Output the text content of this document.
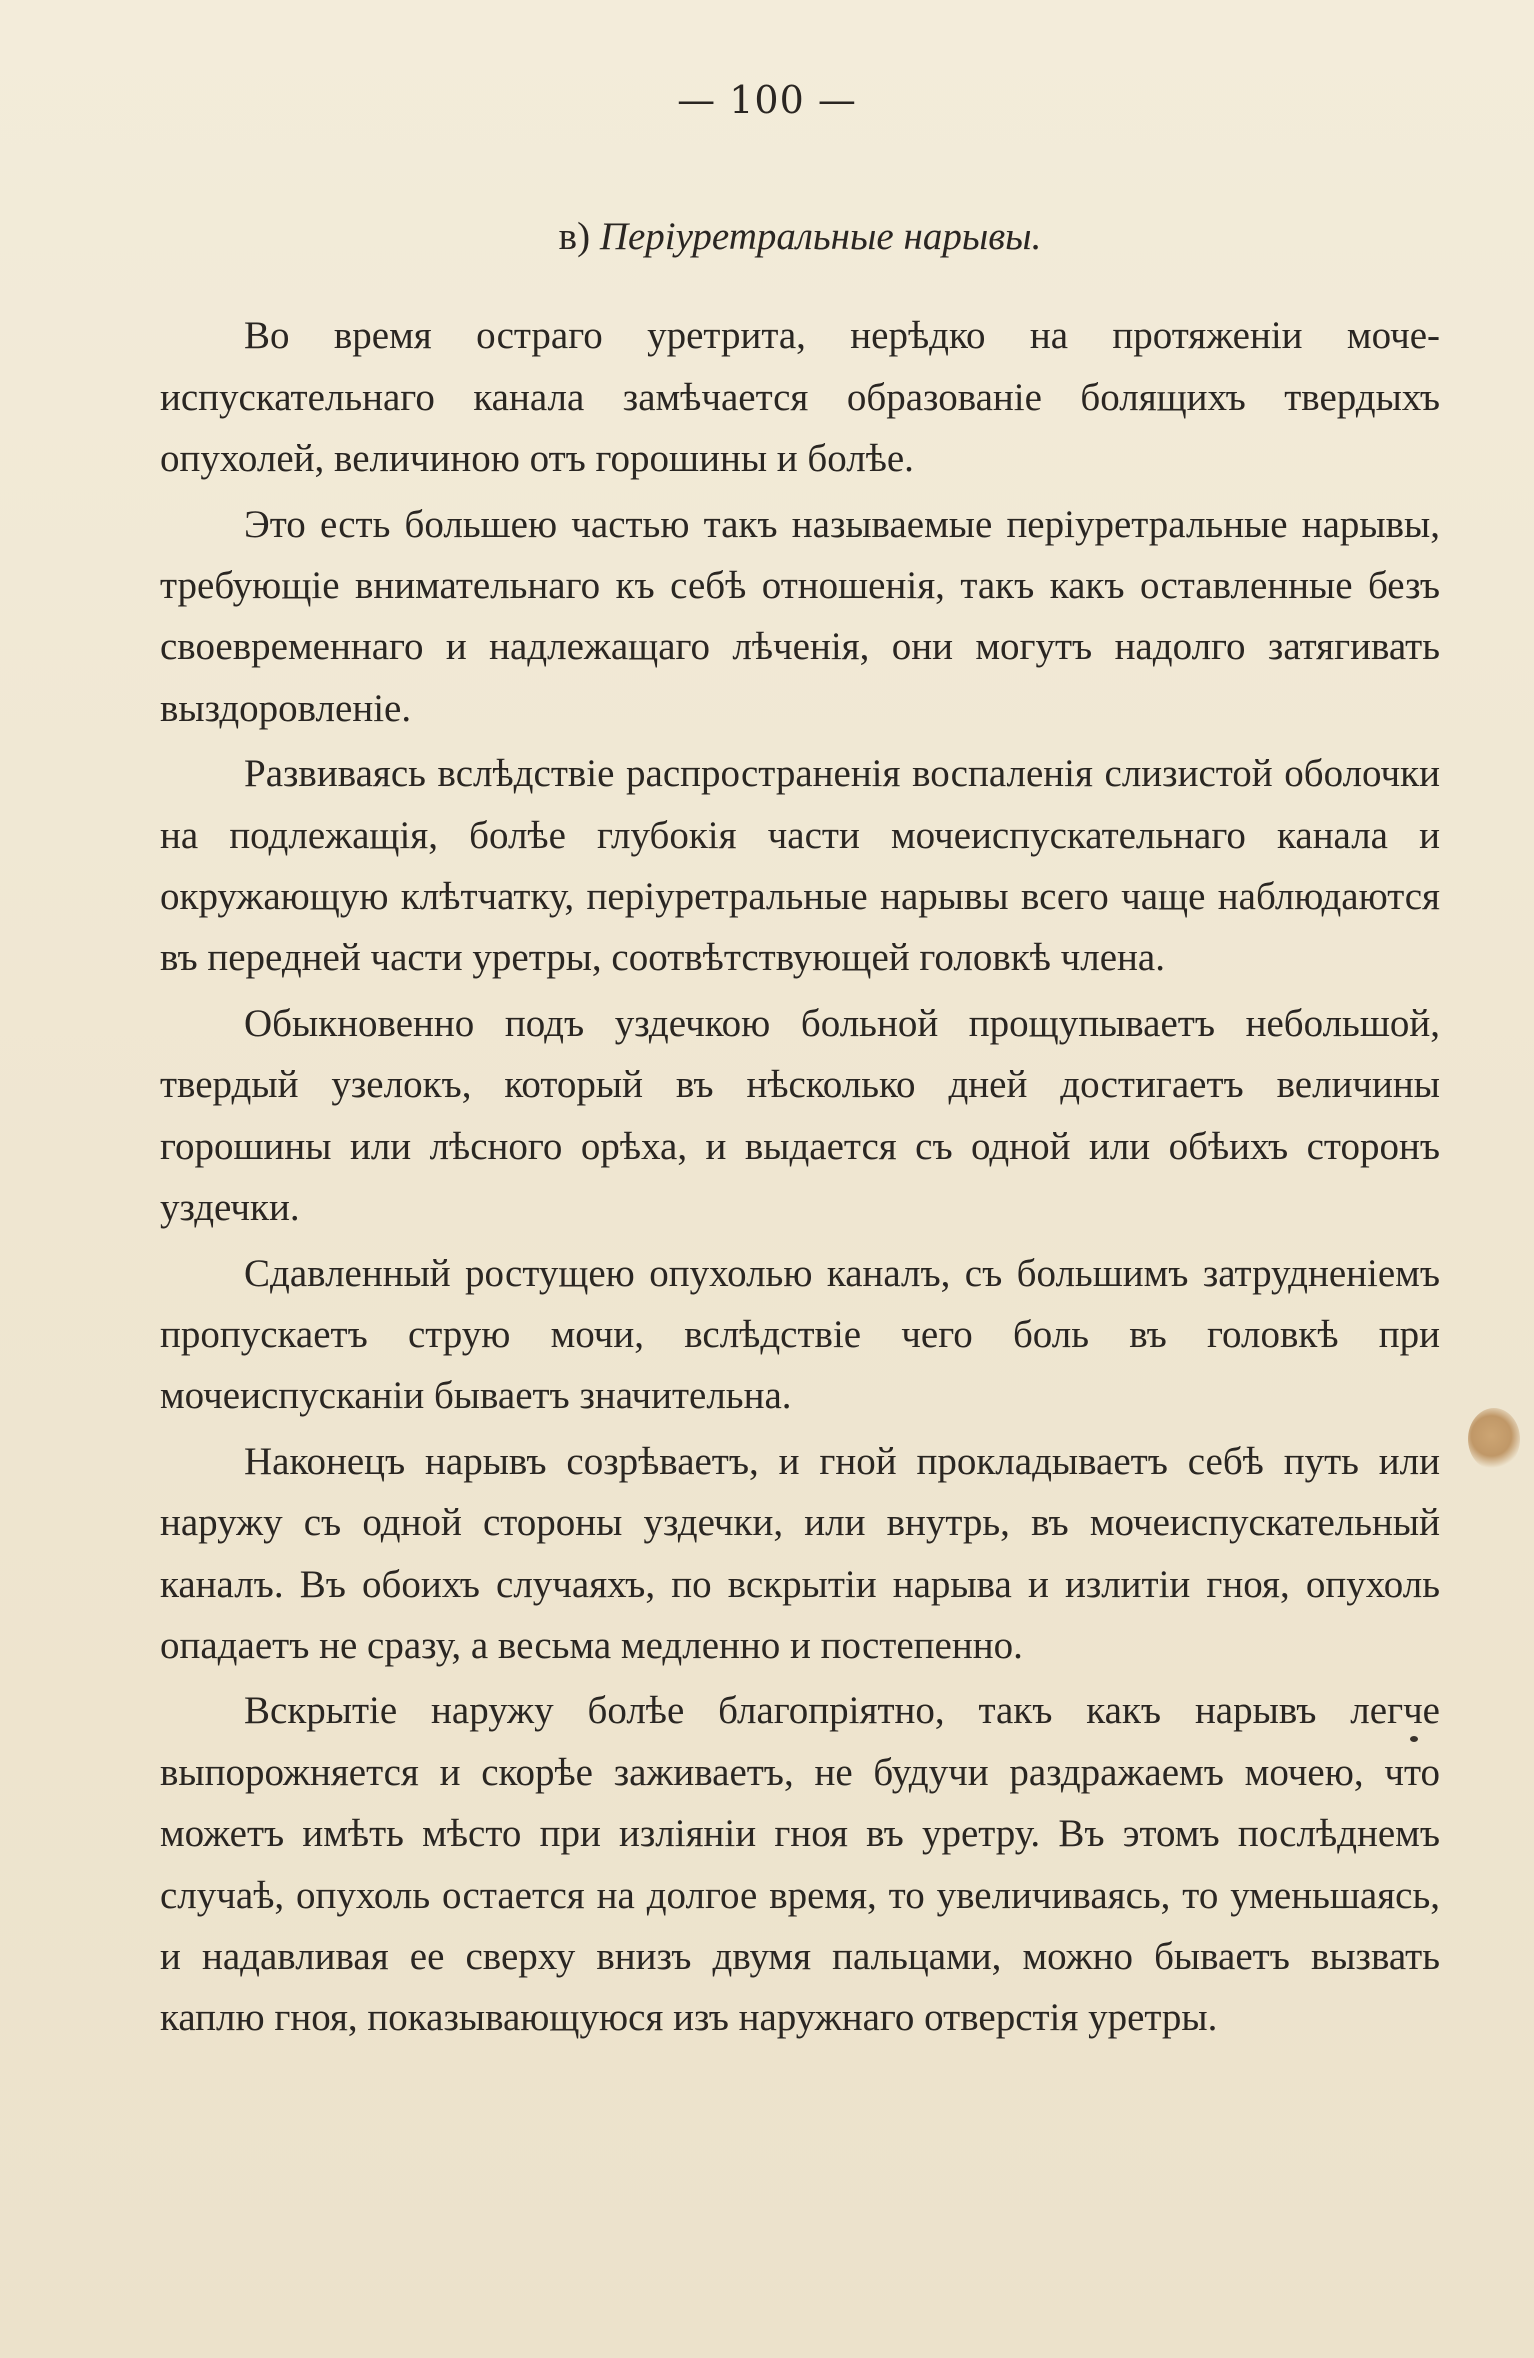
— 100 —
в) Періуретральные нарывы.

Во время остраго уретрита, нерѣдко на протяженіи мочеиспускательнаго канала замѣчается образованіе болящихъ твердыхъ опухолей, величиною отъ горошины и болѣе.

Это есть большею частью такъ называемые періуретральные нарывы, требующіе внимательнаго къ себѣ отношенія, такъ какъ оставленные безъ своевременнаго и надлежащаго лѣченія, они могутъ надолго затягивать выздоровленіе.

Развиваясь вслѣдствіе распространенія воспаленія слизистой оболочки на подлежащія, болѣе глубокія части мочеиспускательнаго канала и окружающую клѣтчатку, періуретральные нарывы всего чаще наблюдаются въ передней части уретры, соотвѣтствующей головкѣ члена.

Обыкновенно подъ уздечкою больной прощупываетъ небольшой, твердый узелокъ, который въ нѣсколько дней достигаетъ величины горошины или лѣсного орѣха, и выдается съ одной или обѣихъ сторонъ уздечки.

Сдавленный ростущею опухолью каналъ, съ большимъ затрудненіемъ пропускаетъ струю мочи, вслѣдствіе чего боль въ головкѣ при мочеиспусканіи бываетъ значительна.

Наконецъ нарывъ созрѣваетъ, и гной прокладываетъ себѣ путь или наружу съ одной стороны уздечки, или внутрь, въ мочеиспускательный каналъ. Въ обоихъ случаяхъ, по вскрытіи нарыва и излитіи гноя, опухоль опадаетъ не сразу, а весьма медленно и постепенно.

Вскрытіе наружу болѣе благопріятно, такъ какъ нарывъ легче выпорожняется и скорѣе заживаетъ, не будучи раздражаемъ мочею, что можетъ имѣть мѣсто при изліяніи гноя въ уретру. Въ этомъ послѣднемъ случаѣ, опухоль остается на долгое время, то увеличиваясь, то уменьшаясь, и надавливая ее сверху внизъ двумя пальцами, можно бываетъ вызвать каплю гноя, показывающуюся изъ наружнаго отверстія уретры.
